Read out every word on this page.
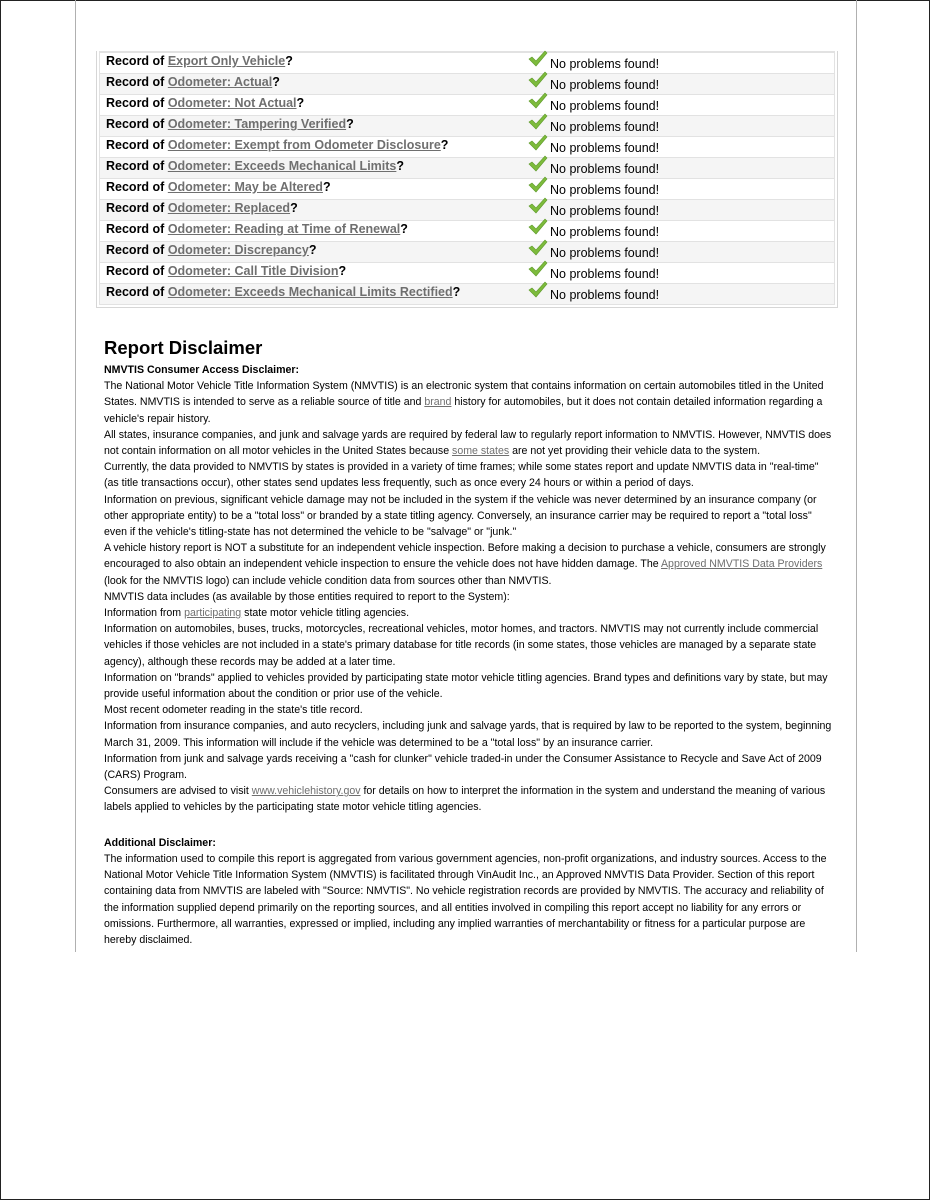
Record of Export Only Vehicle?	No problems found!
Record of Odometer: Actual?	No problems found!
Record of Odometer: Not Actual?	No problems found!
Record of Odometer: Tampering Verified?	No problems found!
Record of Odometer: Exempt from Odometer Disclosure?	No problems found!
Record of Odometer: Exceeds Mechanical Limits?	No problems found!
Record of Odometer: May be Altered?	No problems found!
Record of Odometer: Replaced?	No problems found!
Record of Odometer: Reading at Time of Renewal?	No problems found!
Record of Odometer: Discrepancy?	No problems found!
Record of Odometer: Call Title Division?	No problems found!
Record of Odometer: Exceeds Mechanical Limits Rectified?	No problems found!
Report Disclaimer

NMVTIS Consumer Access Disclaimer:

The National Motor Vehicle Title Information System (NMVTIS) is an electronic system that contains information on certain automobiles titled in the United States. NMVTIS is intended to serve as a reliable source of title and brand history for automobiles, but it does not contain detailed information regarding a vehicle's repair history.

All states, insurance companies, and junk and salvage yards are required by federal law to regularly report information to NMVTIS. However, NMVTIS does not contain information on all motor vehicles in the United States because some states are not yet providing their vehicle data to the system.

Currently, the data provided to NMVTIS by states is provided in a variety of time frames; while some states report and update NMVTIS data in "real-time" (as title transactions occur), other states send updates less frequently, such as once every 24 hours or within a period of days.

Information on previous, significant vehicle damage may not be included in the system if the vehicle was never determined by an insurance company (or other appropriate entity) to be a "total loss" or branded by a state titling agency. Conversely, an insurance carrier may be required to report a "total loss" even if the vehicle's titling-state has not determined the vehicle to be "salvage" or "junk."

A vehicle history report is NOT a substitute for an independent vehicle inspection. Before making a decision to purchase a vehicle, consumers are strongly encouraged to also obtain an independent vehicle inspection to ensure the vehicle does not have hidden damage. The Approved NMVTIS Data Providers (look for the NMVTIS logo) can include vehicle condition data from sources other than NMVTIS.

NMVTIS data includes (as available by those entities required to report to the System):

Information from participating state motor vehicle titling agencies.

Information on automobiles, buses, trucks, motorcycles, recreational vehicles, motor homes, and tractors. NMVTIS may not currently include commercial vehicles if those vehicles are not included in a state's primary database for title records (in some states, those vehicles are managed by a separate state agency), although these records may be added at a later time.

Information on "brands" applied to vehicles provided by participating state motor vehicle titling agencies. Brand types and definitions vary by state, but may provide useful information about the condition or prior use of the vehicle.

Most recent odometer reading in the state's title record.

Information from insurance companies, and auto recyclers, including junk and salvage yards, that is required by law to be reported to the system, beginning March 31, 2009. This information will include if the vehicle was determined to be a "total loss" by an insurance carrier.

Information from junk and salvage yards receiving a "cash for clunker" vehicle traded-in under the Consumer Assistance to Recycle and Save Act of 2009 (CARS) Program.

Consumers are advised to visit www.vehiclehistory.gov for details on how to interpret the information in the system and understand the meaning of various labels applied to vehicles by the participating state motor vehicle titling agencies.

Additional Disclaimer:

The information used to compile this report is aggregated from various government agencies, non-profit organizations, and industry sources. Access to the National Motor Vehicle Title Information System (NMVTIS) is facilitated through VinAudit Inc., an Approved NMVTIS Data Provider. Section of this report containing data from NMVTIS are labeled with "Source: NMVTIS". No vehicle registration records are provided by NMVTIS. The accuracy and reliability of the information supplied depend primarily on the reporting sources, and all entities involved in compiling this report accept no liability for any errors or omissions. Furthermore, all warranties, expressed or implied, including any implied warranties of merchantability or fitness for a particular purpose are hereby disclaimed.
